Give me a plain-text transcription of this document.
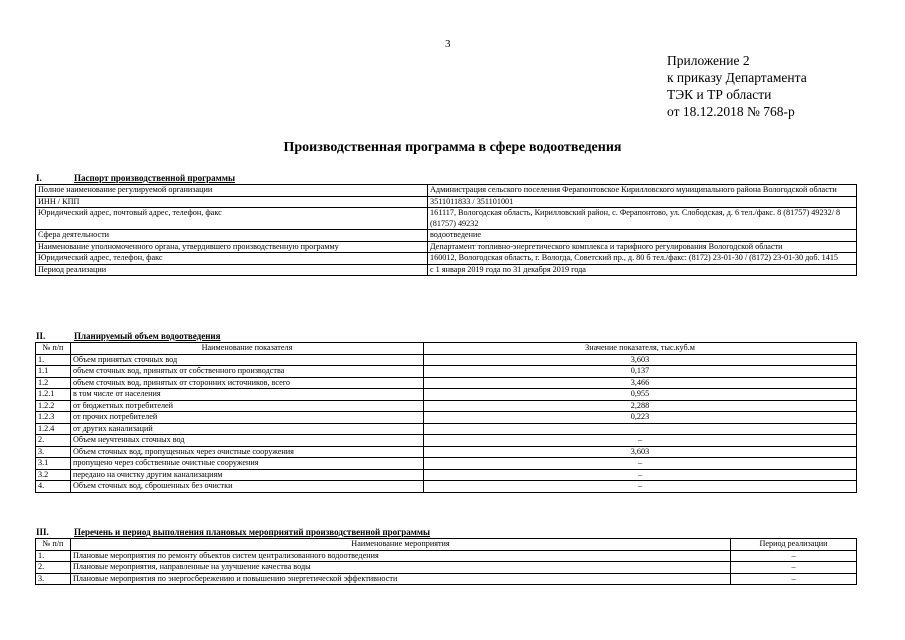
3
Приложение 2
к приказу Департамента
ТЭК и ТР области
от 18.12.2018 № 768-р
Производственная программа в сфере водоотведения
I.	Паспорт производственной программы
Полное наименование регулируемой организации	Администрация сельского поселения Ферапонтовское Кирилловского муниципального района Вологодской области
ИНН / КПП	3511011833 / 351101001
Юридический адрес, почтовый адрес, телефон, факс	161117, Вологодская область, Кирилловский район, с. Ферапонтово, ул. Слободская, д. 6 тел./факс. 8 (81757) 49232/ 8 (81757) 49232
Сфера деятельности	водоотведение
Наименование уполномоченного органа, утвердившего производственную программу	Департамент топливно-энергетического комплекса и тарифного регулирования Вологодской области
Юридический адрес, телефон, факс	160012, Вологодская область, г. Вологда, Советский пр., д. 80 б тел./факс: (8172) 23-01-30 / (8172) 23-01-30 доб. 1415
Период реализации	с 1 января 2019 года по 31 декабря 2019 года
II.	Планируемый объем водоотведения
№ п/п	Наименование показателя	Значение показателя, тыс.куб.м
1.	Объем принятых сточных вод	3,603
1.1	объем сточных вод, принятых от собственного производства	0,137
1.2	объем сточных вод, принятых от сторонних источников, всего	3,466
1.2.1	в том числе от населения	0,955
1.2.2	от бюджетных потребителей	2,288
1.2.3	от прочих потребителей	0,223
1.2.4	от других канализаций	
2.	Объем неучтенных сточных вод	–
3.	Объем сточных вод, пропущенных через очистные сооружения	3,603
3.1	пропущено через собственные очистные сооружения	–
3.2	передано на очистку другим канализациям	–
4.	Объем сточных вод, сброшенных без очистки	–
III.	Перечень и период выполнения плановых мероприятий производственной программы
№ п/п	Наименование мероприятия	Период реализации
1.	Плановые мероприятия по ремонту объектов систем централизованного водоотведения	–
2.	Плановые мероприятия, направленные на улучшение качества воды	–
3.	Плановые мероприятия по энергосбережению и повышению энергетической эффективности	–
